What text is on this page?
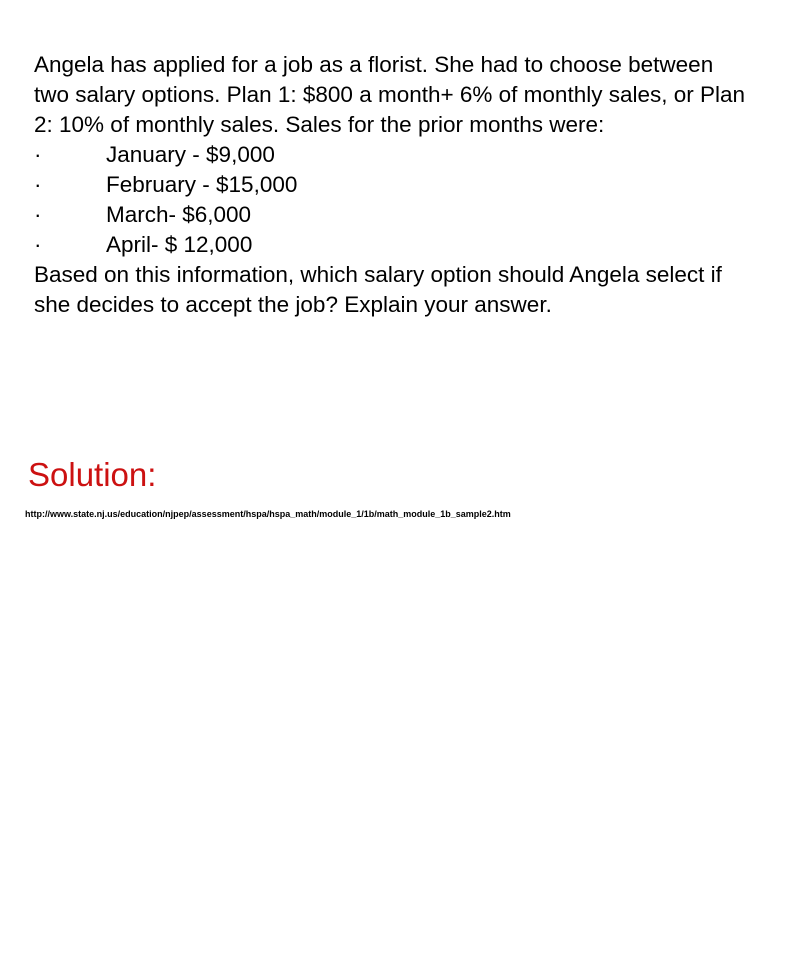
Angela has applied for a job as a florist. She had to choose between two salary options. Plan 1: $800 a month+ 6% of monthly sales, or Plan 2: 10% of monthly sales. Sales for the prior months were:

·	January - $9,000
·	February - $15,000
·	March- $6,000
·	April- $ 12,000

Based on this information, which salary option should Angela select if she decides to accept the job? Explain your answer.

Solution:
http://www.state.nj.us/education/njpep/assessment/hspa/hspa_math/module_1/1b/math_module_1b_sample2.htm
